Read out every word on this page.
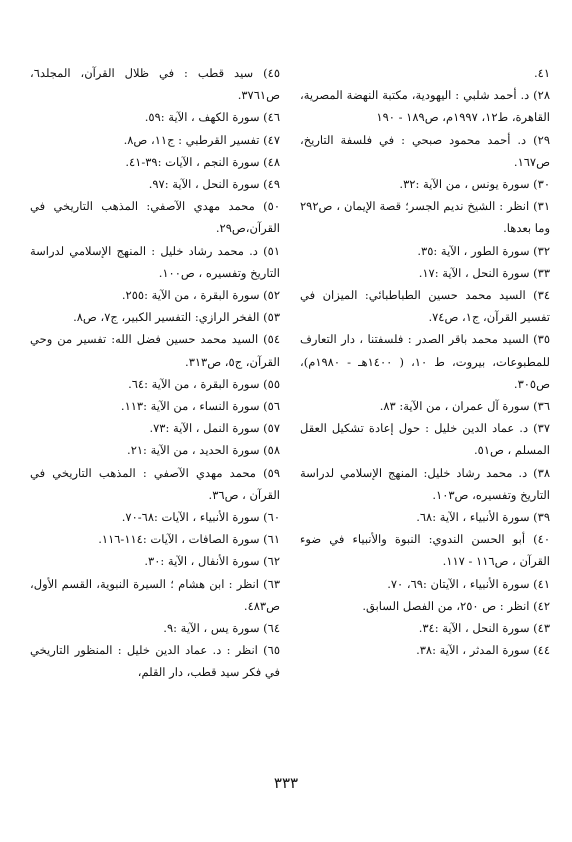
٤١.

٢٨) د. أحمد شلبي : اليهودية، مكتبة النهضة المصرية، القاهرة، ط١٢، ١٩٩٧م، ص١٨٩ - ١٩٠

٢٩) د. أحمد محمود صبحي : في فلسفة التاريخ، ص١٦٧.

٣٠) سورة يونس ، من الآية :٣٢.

٣١) انظر : الشيخ نديم الجسر؛ قصة الإيمان ، ص٢٩٢ وما بعدها.

٣٢) سورة الطور ، الآية :٣٥.

٣٣) سورة النحل ، الآية :١٧.

٣٤) السيد محمد حسين الطباطبائي: الميزان في تفسير القرآن، ج١، ص٧٤.

٣٥) السيد محمد باقر الصدر : فلسفتنا ، دار التعارف للمطبوعات، بيروت، ط ١٠، ( ١٤٠٠هـ - ١٩٨٠م)، ص٣٠٥.

٣٦) سورة آل عمران ، من الآية: ٨٣.

٣٧) د. عماد الدين خليل : حول إعادة تشكيل العقل المسلم ، ص٥١.

٣٨) د. محمد رشاد خليل: المنهج الإسلامي لدراسة التاريخ وتفسيره، ص١٠٣.

٣٩) سورة الأنبياء ، الآية :٦٨.

٤٠) أبو الحسن الندوي: النبوة والأنبياء في ضوء القرآن ، ص١١٦ - ١١٧.

٤١) سورة الأنبياء ، الآيتان :٦٩، ٧٠.

٤٢) انظر : ص ٢٥٠، من الفصل السابق.

٤٣) سورة النحل ، الآية :٣٤.

٤٤) سورة المدثر ، الآية :٣٨.

٤٥) سيد قطب : في ظلال القرآن، المجلد٦، ص٣٧٦١.

٤٦) سورة الكهف ، الآية :٥٩.

٤٧) تفسير القرطبي : ج١١، ص٨.

٤٨) سورة النجم ، الآيات :٣٩-٤١.

٤٩) سورة النحل ، الآية :٩٧.

٥٠) محمد مهدي الآصفي: المذهب التاريخي في القرآن،ص٢٩.

٥١) د. محمد رشاد خليل : المنهج الإسلامي لدراسة التاريخ وتفسيره ، ص١٠٠.

٥٢) سورة البقرة ، من الآية :٢٥٥.

٥٣) الفخر الرازي: التفسير الكبير، ج٧، ص٨.

٥٤) السيد محمد حسين فضل الله: تفسير من وحي القرآن، ج٥، ص٣١٣.

٥٥) سورة البقرة ، من الآية :٦٤.

٥٦) سورة النساء ، من الآية :١١٣.

٥٧) سورة النمل ، الآية :٧٣.

٥٨) سورة الحديد ، من الآية :٢١.

٥٩) محمد مهدي الآصفي : المذهب التاريخي في القرآن ، ص٣٦.

٦٠) سورة الأنبياء ، الآيات :٦٨-٧٠.

٦١) سورة الصافات ، الآيات :١١٤-١١٦.

٦٢) سورة الأنفال ، الآية :٣٠.

٦٣) انظر : ابن هشام ؛ السيرة النبوية، القسم الأول، ص٤٨٣.

٦٤) سورة يس ، الآية :٩.

٦٥) انظر : د. عماد الدين خليل : المنظور التاريخي في فكر سيد قطب، دار القلم،

٣٣٣
